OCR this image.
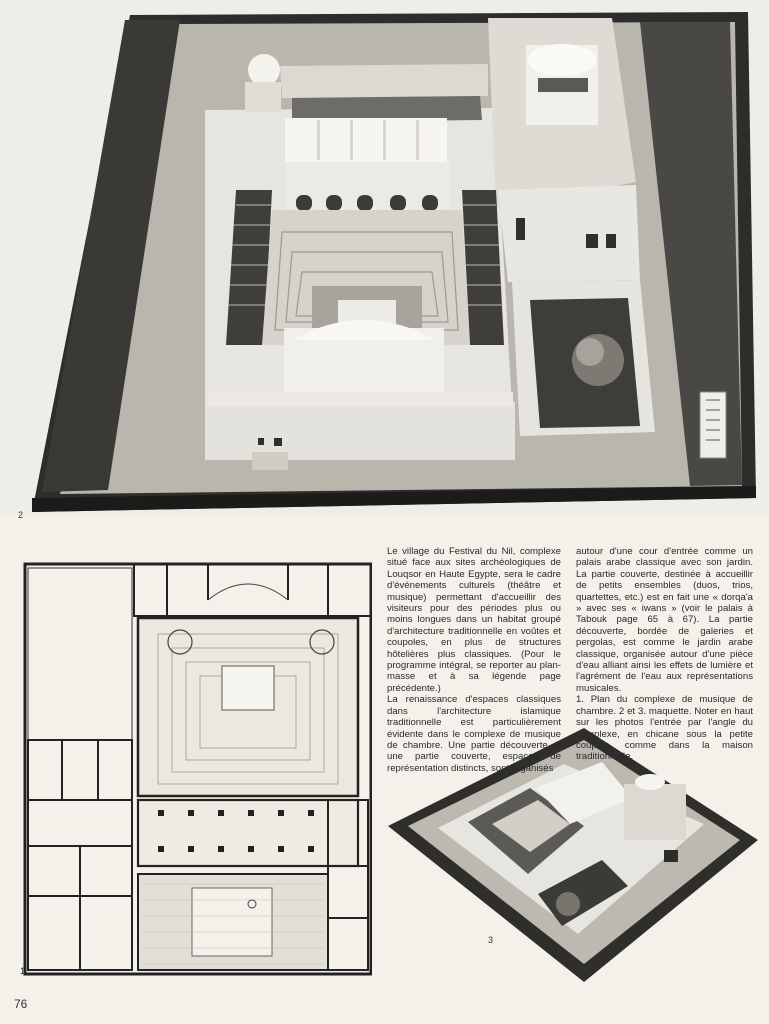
2
1
3

Le village du Festival du Nil, complexe situé face aux sites archéologiques de Louqsor en Haute Egypte, sera le cadre d'événements culturels (théâtre et musique) permettant d'accueillir des visiteurs pour des périodes plus ou moins longues dans un habitat groupé d'architecture traditionnelle en voûtes et coupoles, en plus de structures hôtelières plus classiques. (Pour le programme intégral, se reporter au plan-masse et à sa légende page précédente.)

La renaissance d'espaces classiques dans l'architecture islamique traditionnelle est particulièrement évidente dans le complexe de musique de chambre. Une partie découverte et une partie couverte, espaces de représentation distincts, sont organisés

autour d'une cour d'entrée comme un palais arabe classique avec son jardin. La partie couverte, destinée à accueillir de petits ensembles (duos, trios, quartettes, etc.) est en fait une « dorqa'a » avec ses « iwans » (voir le palais à Tabouk page 65 à 67). La partie découverte, bordée de galeries et pergolas, est comme le jardin arabe classique, organisée autour d'une pièce d'eau alliant ainsi les effets de lumière et l'agrément de l'eau aux représentations musicales.

1. Plan du complexe de musique de chambre. 2 et 3. maquette. Noter en haut sur les photos l'entrée par l'angle du complexe, en chicane sous la petite coupole, comme dans la maison traditionnelle.

76
